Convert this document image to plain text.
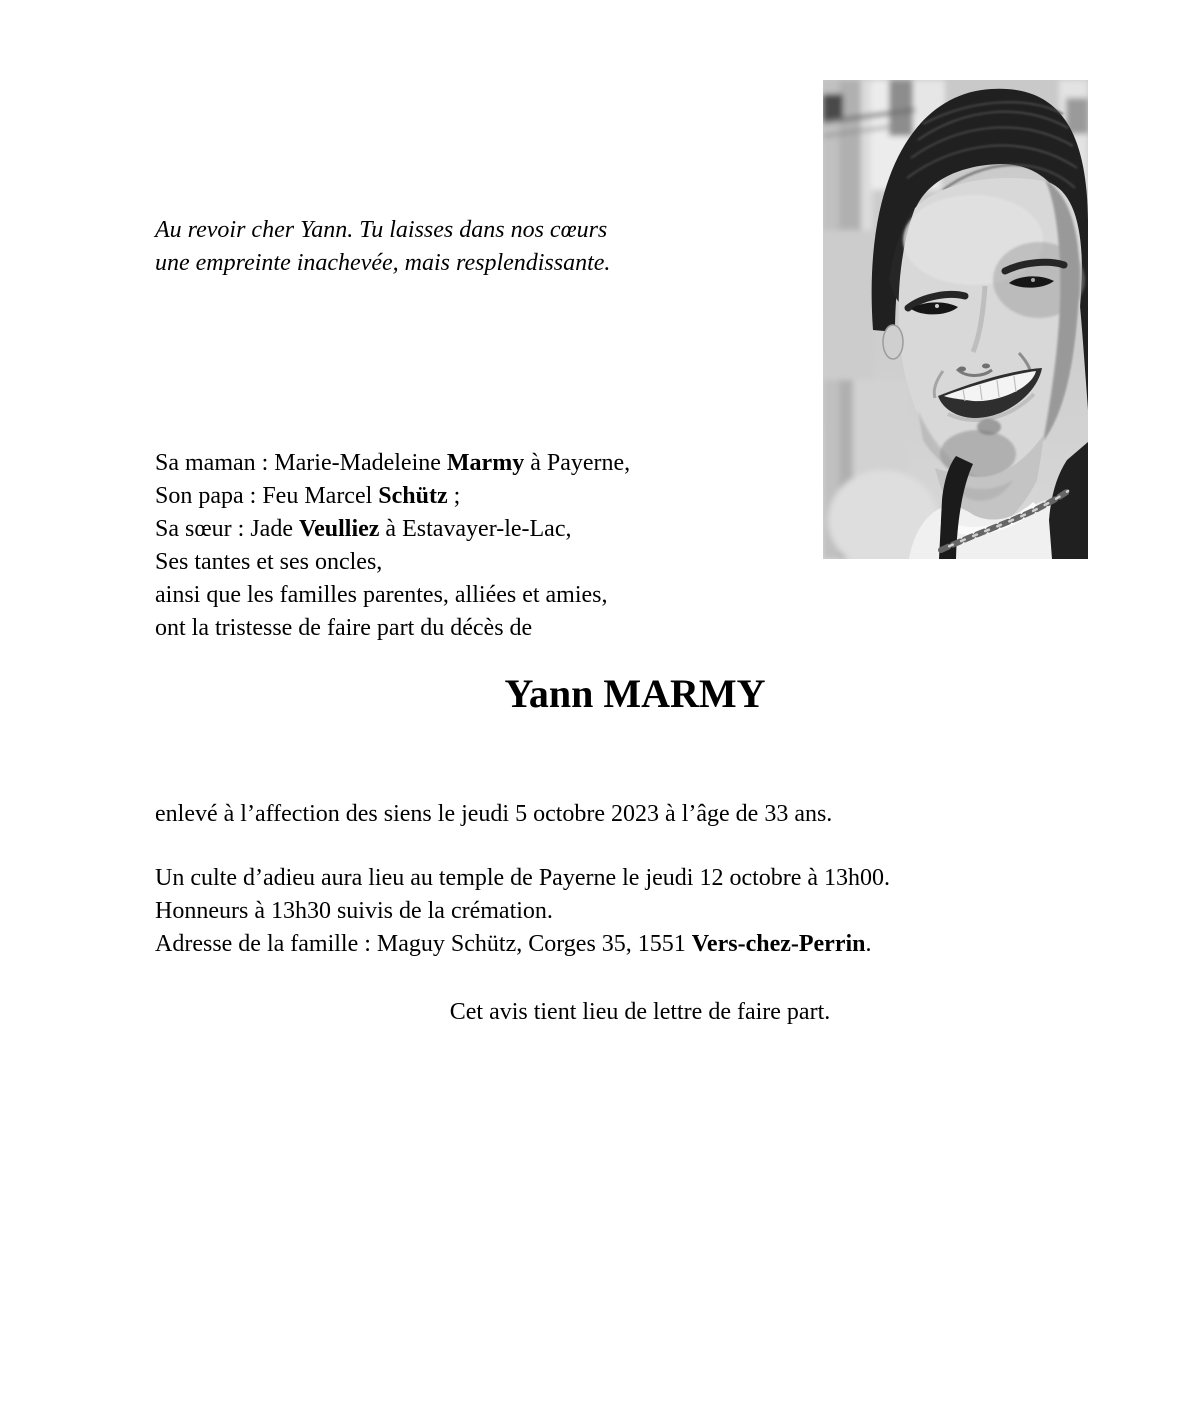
Au revoir cher Yann. Tu laisses dans nos cœurs
une empreinte inachevée, mais resplendissante.
Sa maman : Marie-Madeleine Marmy à Payerne,
Son papa : Feu Marcel Schütz ;
Sa sœur : Jade Veulliez à Estavayer-le-Lac,
Ses tantes et ses oncles,
ainsi que les familles parentes, alliées et amies,
ont la tristesse de faire part du décès de
Yann MARMY
enlevé à l’affection des siens le jeudi 5 octobre 2023 à l’âge de 33 ans.
Un culte d’adieu aura lieu au temple de Payerne le jeudi 12 octobre à 13h00.
Honneurs à 13h30 suivis de la crémation.
Adresse de la famille : Maguy Schütz, Corges 35, 1551 Vers-chez-Perrin.
Cet avis tient lieu de lettre de faire part.
